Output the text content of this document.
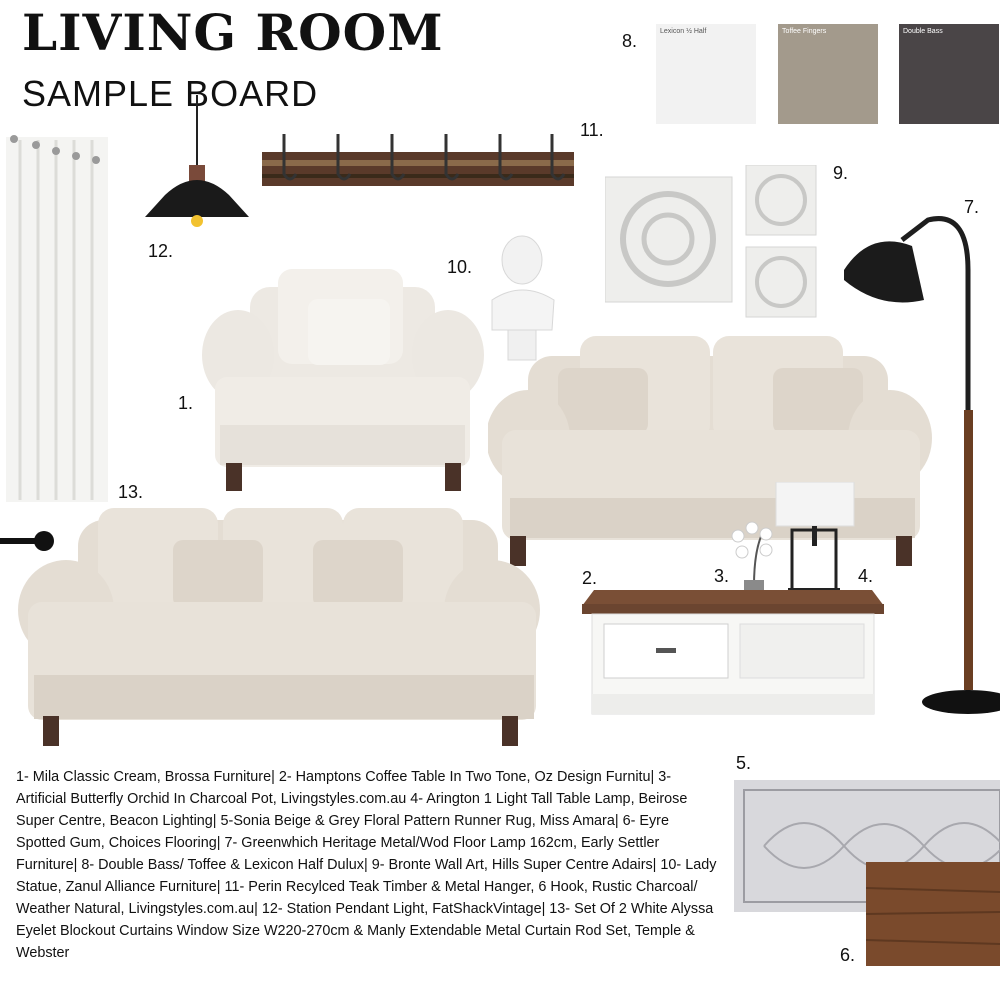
LIVING ROOM
SAMPLE BOARD
8.	Lexicon ½ Half	Toffee Fingers	Double Bass
13.
12.
11.
1.
10.
9.
7.
4.
3.
2.
5.
6.
1- Mila Classic Cream, Brossa Furniture| 2- Hamptons Coffee Table In Two Tone, Oz Design Furnitu| 3- Artificial Butterfly Orchid In Charcoal Pot, Livingstyles.com.au 4- Arington 1 Light Tall Table Lamp, Beirose Super Centre, Beacon Lighting| 5-Sonia Beige & Grey Floral Pattern Runner Rug, Miss Amara| 6- Eyre Spotted Gum, Choices Flooring| 7- Greenwhich Heritage Metal/Wod Floor Lamp 162cm, Early Settler Furniture| 8- Double Bass/ Toffee & Lexicon Half Dulux| 9- Bronte Wall Art, Hills Super Centre Adairs| 10- Lady Statue, Zanul Alliance Furniture| 11- Perin Recylced Teak Timber & Metal Hanger, 6 Hook, Rustic Charcoal/ Weather Natural, Livingstyles.com.au| 12- Station Pendant Light, FatShackVintage| 13- Set Of 2 White Alyssa Eyelet Blockout Curtains Window Size W220-270cm & Manly Extendable Metal Curtain Rod Set, Temple & Webster
